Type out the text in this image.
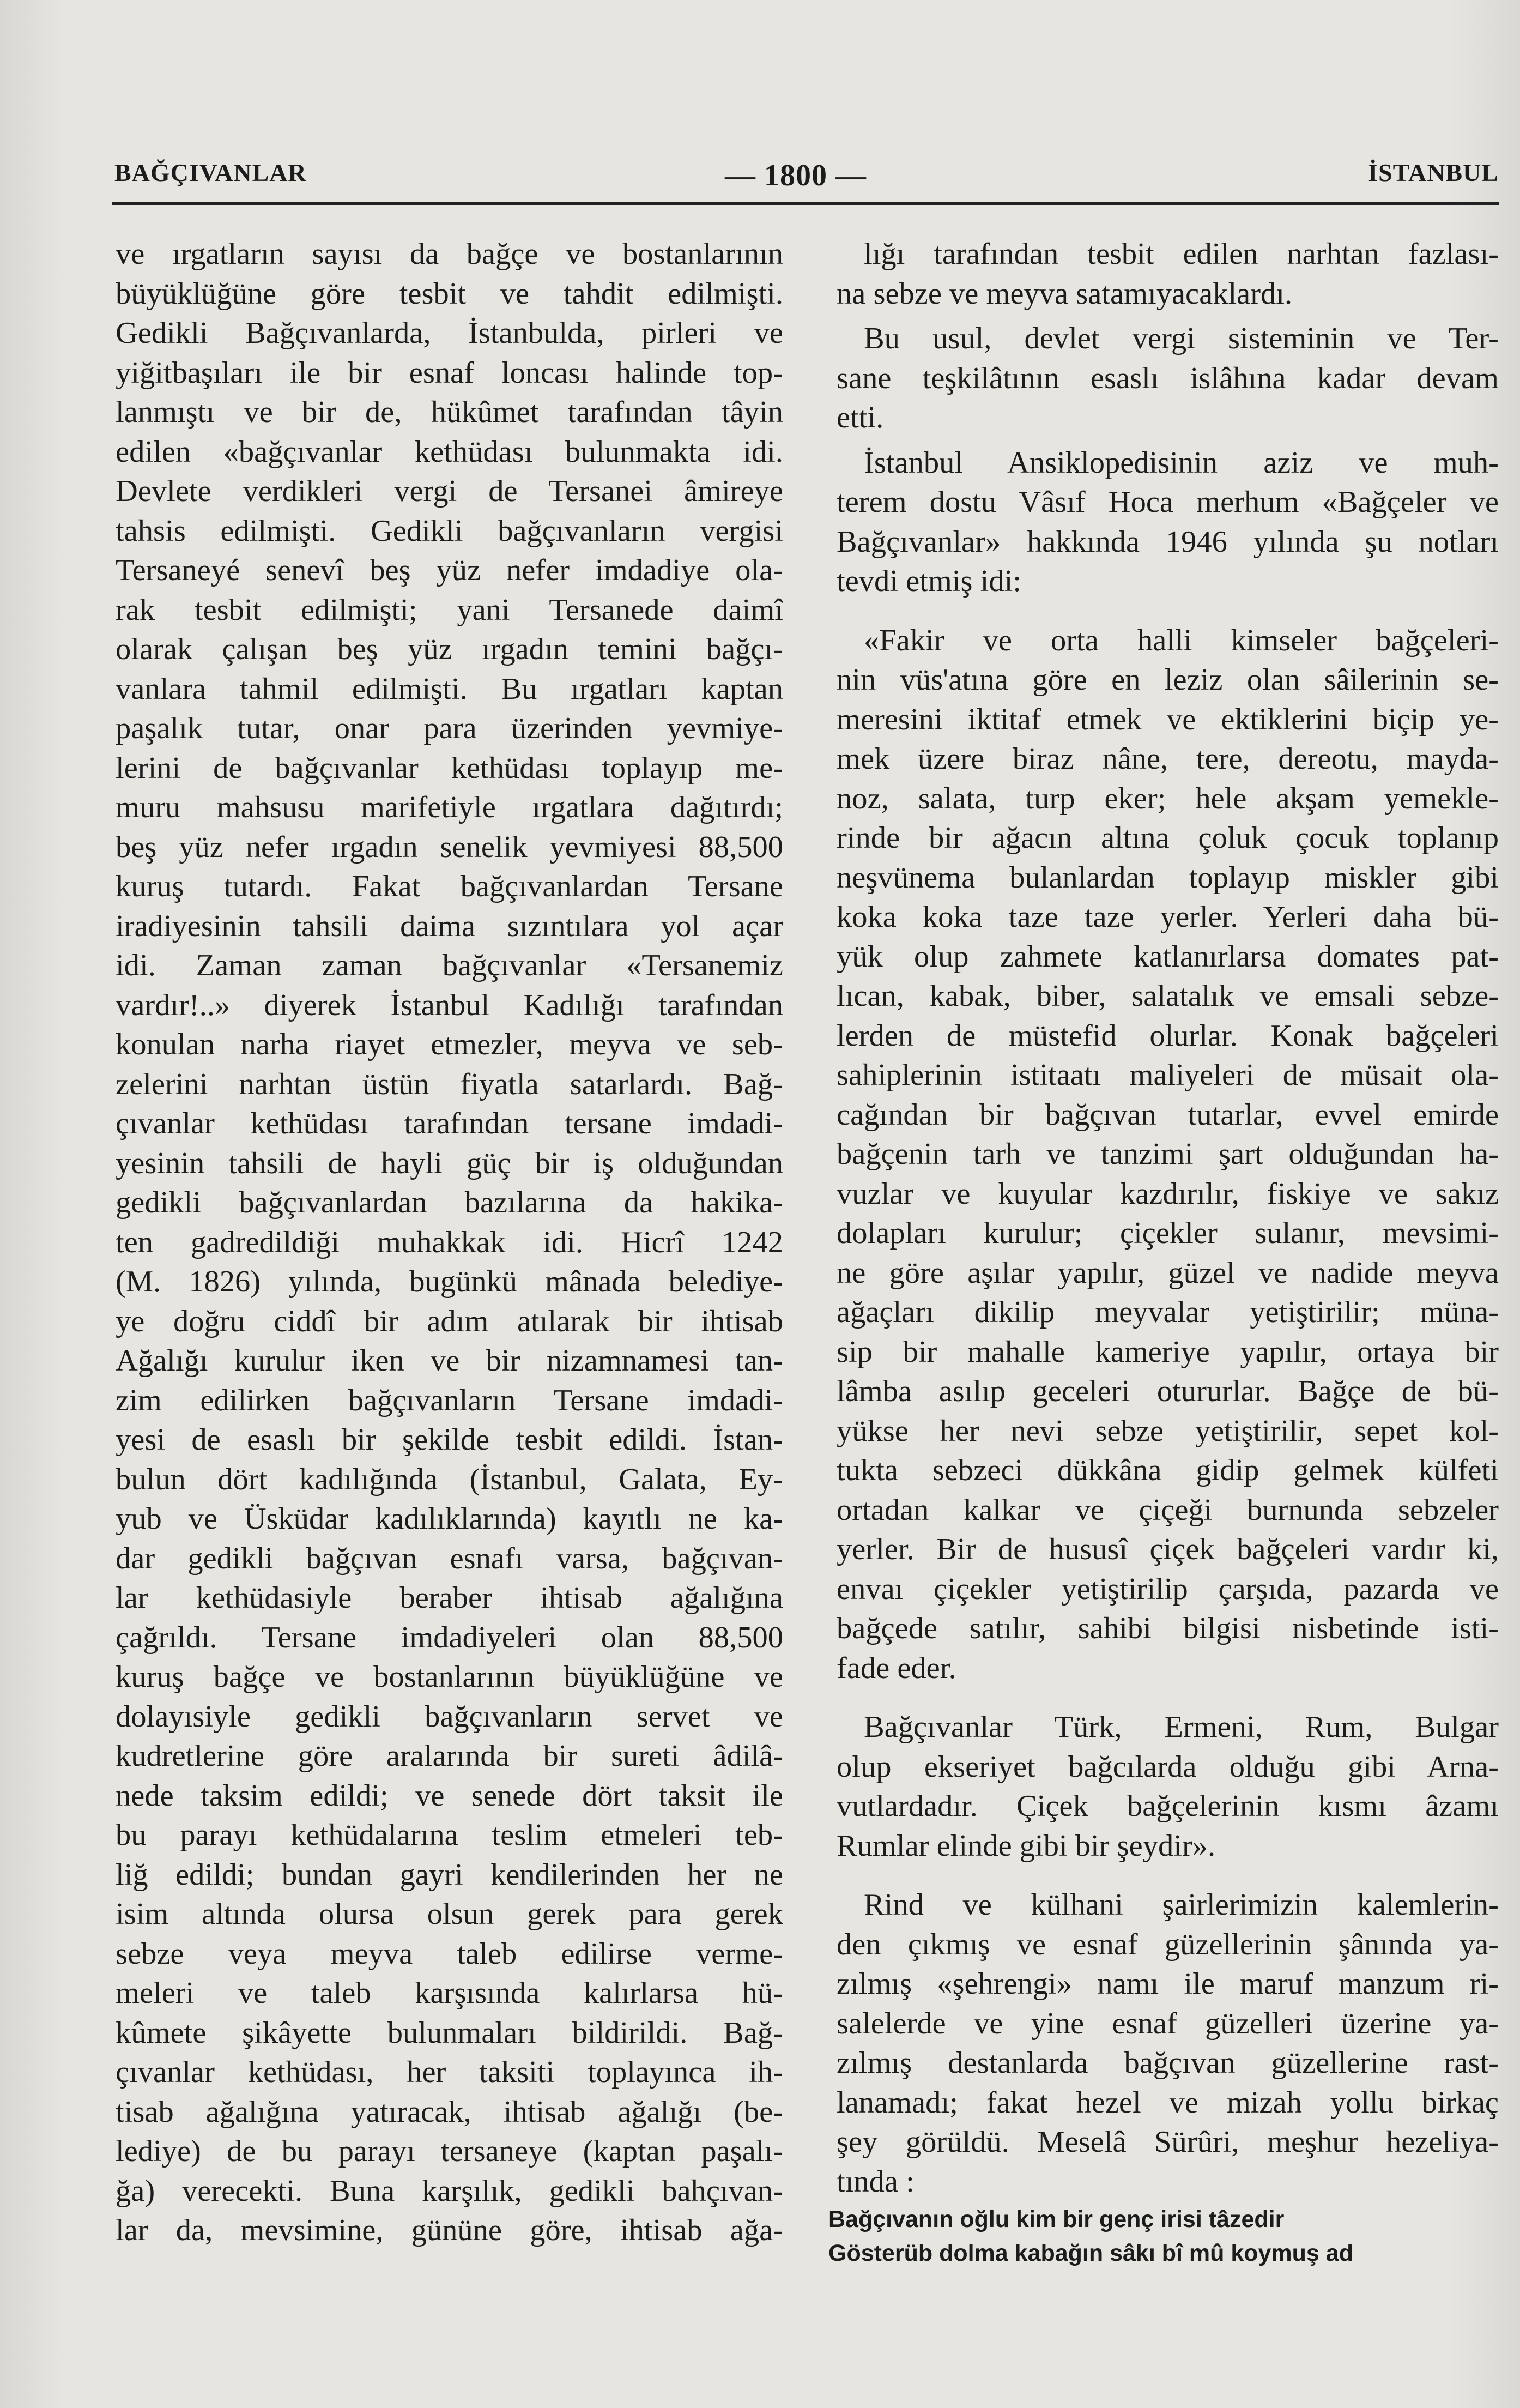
BAĞÇIVANLAR	— 1800 —	İSTANBUL
ve ırgatların sayısı da bağçe ve bostanlarının
büyüklüğüne göre tesbit ve tahdit edilmişti.
Gedikli Bağçıvanlarda, İstanbulda, pirleri ve
yiğitbaşıları ile bir esnaf loncası halinde top-
lanmıştı ve bir de, hükûmet tarafından tâyin
edilen «bağçıvanlar kethüdası bulunmakta idi.
Devlete verdikleri vergi de Tersanei âmireye
tahsis edilmişti. Gedikli bağçıvanların vergisi
Tersaneyé senevî beş yüz nefer imdadiye ola-
rak tesbit edilmişti; yani Tersanede daimî
olarak çalışan beş yüz ırgadın temini bağçı-
vanlara tahmil edilmişti. Bu ırgatları kaptan
paşalık tutar, onar para üzerinden yevmiye-
lerini de bağçıvanlar kethüdası toplayıp me-
muru mahsusu marifetiyle ırgatlara dağıtırdı;
beş yüz nefer ırgadın senelik yevmiyesi 88,500
kuruş tutardı. Fakat bağçıvanlardan Tersane
iradiyesinin tahsili daima sızıntılara yol açar
idi. Zaman zaman bağçıvanlar «Tersanemiz
vardır!..» diyerek İstanbul Kadılığı tarafından
konulan narha riayet etmezler, meyva ve seb-
zelerini narhtan üstün fiyatla satarlardı. Bağ-
çıvanlar kethüdası tarafından tersane imdadi-
yesinin tahsili de hayli güç bir iş olduğundan
gedikli bağçıvanlardan bazılarına da hakika-
ten gadredildiği muhakkak idi. Hicrî 1242
(M. 1826) yılında, bugünkü mânada belediye-
ye doğru ciddî bir adım atılarak bir ihtisab
Ağalığı kurulur iken ve bir nizamnamesi tan-
zim edilirken bağçıvanların Tersane imdadi-
yesi de esaslı bir şekilde tesbit edildi. İstan-
bulun dört kadılığında (İstanbul, Galata, Ey-
yub ve Üsküdar kadılıklarında) kayıtlı ne ka-
dar gedikli bağçıvan esnafı varsa, bağçıvan-
lar kethüdasiyle beraber ihtisab ağalığına
çağrıldı. Tersane imdadiyeleri olan 88,500
kuruş bağçe ve bostanlarının büyüklüğüne ve
dolayısiyle gedikli bağçıvanların servet ve
kudretlerine göre aralarında bir sureti âdilâ-
nede taksim edildi; ve senede dört taksit ile
bu parayı kethüdalarına teslim etmeleri teb-
liğ edildi; bundan gayri kendilerinden her ne
isim altında olursa olsun gerek para gerek
sebze veya meyva taleb edilirse verme-
meleri ve taleb karşısında kalırlarsa hü-
kûmete şikâyette bulunmaları bildirildi. Bağ-
çıvanlar kethüdası, her taksiti toplayınca ih-
tisab ağalığına yatıracak, ihtisab ağalığı (be-
lediye) de bu parayı tersaneye (kaptan paşalı-
ğa) verecekti. Buna karşılık, gedikli bahçıvan-
lar da, mevsimine, gününe göre, ihtisab ağa-
lığı tarafından tesbit edilen narhtan fazlası-
na sebze ve meyva satamıyacaklardı.
Bu usul, devlet vergi sisteminin ve Ter-
sane teşkilâtının esaslı islâhına kadar devam
etti.
İstanbul Ansiklopedisinin aziz ve muh-
terem dostu Vâsıf Hoca merhum «Bağçeler ve
Bağçıvanlar» hakkında 1946 yılında şu notları
tevdi etmiş idi:
«Fakir ve orta halli kimseler bağçeleri-
nin vüs'atına göre en leziz olan sâilerinin se-
meresini iktitaf etmek ve ektiklerini biçip ye-
mek üzere biraz nâne, tere, dereotu, mayda-
noz, salata, turp eker; hele akşam yemekle-
rinde bir ağacın altına çoluk çocuk toplanıp
neşvünema bulanlardan toplayıp miskler gibi
koka koka taze taze yerler. Yerleri daha bü-
yük olup zahmete katlanırlarsa domates pat-
lıcan, kabak, biber, salatalık ve emsali sebze-
lerden de müstefid olurlar. Konak bağçeleri
sahiplerinin istitaatı maliyeleri de müsait ola-
cağından bir bağçıvan tutarlar, evvel emirde
bağçenin tarh ve tanzimi şart olduğundan ha-
vuzlar ve kuyular kazdırılır, fiskiye ve sakız
dolapları kurulur; çiçekler sulanır, mevsimi-
ne göre aşılar yapılır, güzel ve nadide meyva
ağaçları dikilip meyvalar yetiştirilir; müna-
sip bir mahalle kameriye yapılır, ortaya bir
lâmba asılıp geceleri otururlar. Bağçe de bü-
yükse her nevi sebze yetiştirilir, sepet kol-
tukta sebzeci dükkâna gidip gelmek külfeti
ortadan kalkar ve çiçeği burnunda sebzeler
yerler. Bir de hususî çiçek bağçeleri vardır ki,
envaı çiçekler yetiştirilip çarşıda, pazarda ve
bağçede satılır, sahibi bilgisi nisbetinde isti-
fade eder.
Bağçıvanlar Türk, Ermeni, Rum, Bulgar
olup ekseriyet bağcılarda olduğu gibi Arna-
vutlardadır. Çiçek bağçelerinin kısmı âzamı
Rumlar elinde gibi bir şeydir».
Rind ve külhani şairlerimizin kalemlerin-
den çıkmış ve esnaf güzellerinin şânında ya-
zılmış «şehrengi» namı ile maruf manzum ri-
salelerde ve yine esnaf güzelleri üzerine ya-
zılmış destanlarda bağçıvan güzellerine rast-
lanamadı; fakat hezel ve mizah yollu birkaç
şey görüldü. Meselâ Sürûri, meşhur hezeliya-
tında :
Bağçıvanın oğlu kim bir genç irisi tâzedir
Gösterüb dolma kabağın sâkı bî mû koymuş ad
